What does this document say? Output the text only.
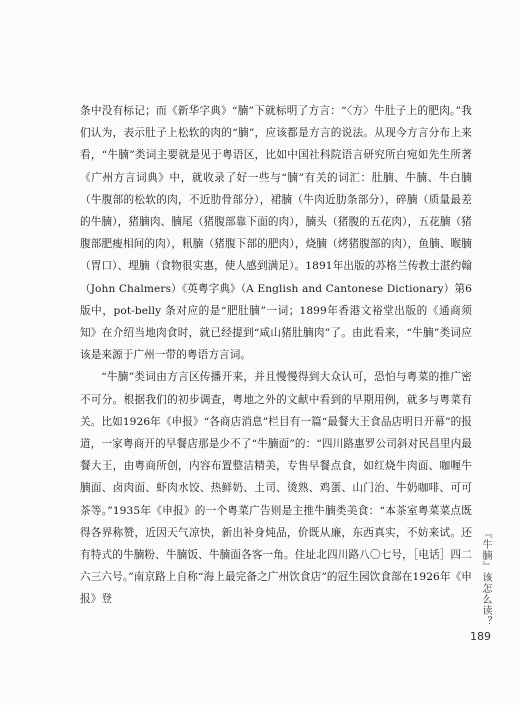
条中没有标记；而《新华字典》“腩”下就标明了方言：“〈方〉牛肚子上的肥肉。”我们认为，表示肚子上松软的肉的“腩”，应该都是方言的说法。从现今方言分布上来看，“牛腩”类词主要就是见于粤语区，比如中国社科院语言研究所白宛如先生所著《广州方言词典》中，就收录了好一些与“腩”有关的词汇：肚腩、牛腩、牛白腩（牛腹部的松软的肉，不近肋骨部分），裙腩（牛肉近肋条部分），碎腩（质量最差的牛腩），猪腩肉、腩尾（猪腹部靠下面的肉），腩头（猪腹的五花肉），五花腩（猪腹部肥瘦相间的肉），籸腩（猪腹下部的肥肉），烧腩（烤猪腹部的肉），鱼腩、睺腩（胃口）、埋腩（食物很实惠，使人感到满足）。1891年出版的苏格兰传教士湛约翰（John Chalmers）《英粤字典》（A English and Cantonese Dictionary）第6版中，pot-belly 条对应的是“肥肚腩”一词；1899年香港文裕堂出版的《通商须知》在介绍当地肉食时，就已经提到“咸山猪肚腩肉”了。由此看来，“牛腩”类词应该是来源于广州一带的粤语方言词。

“牛腩”类词由方言区传播开来，并且慢慢得到大众认可，恐怕与粤菜的推广密不可分。根据我们的初步调查，粤地之外的文献中看到的早期用例，就多与粤菜有关。比如1926年《申报》“各商店消息”栏目有一篇“最餐大王食品店明日开幕”的报道，一家粤商开的早餐店那是少不了“牛腩面”的：“四川路惠罗公司斜对民昌里内最餐大王，由粤商所创，内容布置整洁精美，专售早餐点食，如红烧牛肉面、咖喱牛腩面、卤肉面、虾肉水饺、热鲜奶、土司、烫熟、鸡蛋、山门治、牛奶咖啡、可可茶等。”1935年《申报》的一个粤菜广告则是主推牛腩类美食：“本茶室粤菜菜点既得各界称赞，近因天气凉快，新出补身炖品，价既从廉，东西真实，不妨来试。还有特式的牛腩粉、牛腩饭、牛腩面各客一角。住址北四川路八〇七号，［电话］四二六三六号。”南京路上自称“海上最完备之广州饮食店”的冠生园饮食部在1926年《申报》登	『牛腩』该怎么读？
189
